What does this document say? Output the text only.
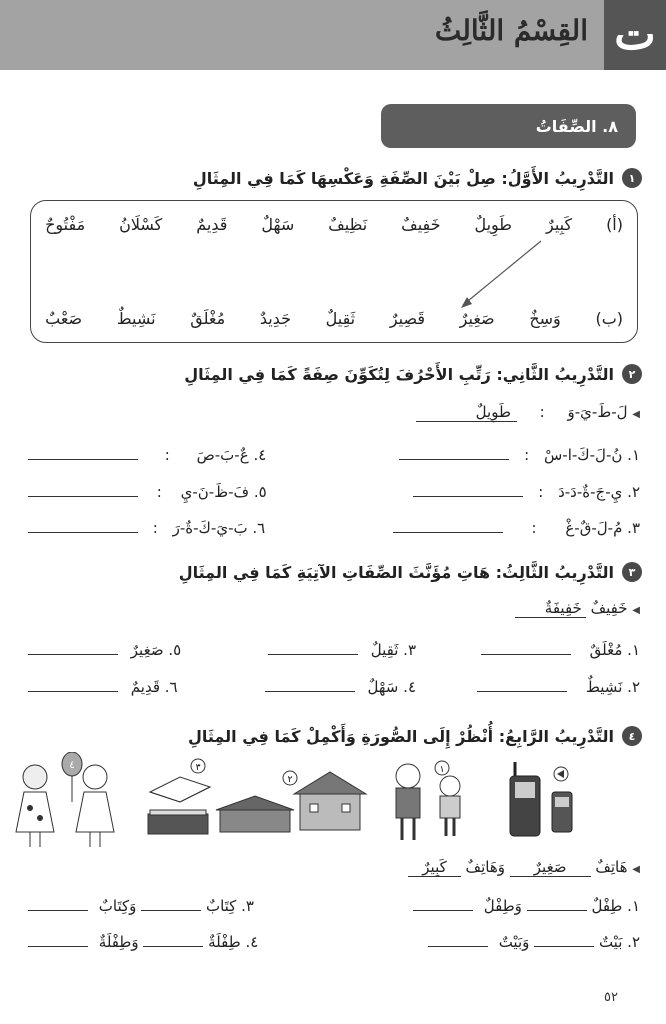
ت
القِسْمُ الثَّالِثُ
٨. الصِّفَاتُ
١
التَّدْرِيبُ الأَوَّلُ: صِلْ بَيْنَ الصِّفَةِ وَعَكْسِهَا كَمَا فِي المِثَالِ
(أ)
كَبِيرٌ
طَوِيلٌ
خَفِيفٌ
نَظِيفٌ
سَهْلٌ
قَدِيمٌ
كَسْلَانُ
مَفْتُوحٌ
(ب)
وَسِخٌ
صَغِيرٌ
قَصِيرٌ
ثَقِيلٌ
جَدِيدٌ
مُغْلَقٌ
نَشِيطٌ
صَعْبٌ
٢
التَّدْرِيبُ الثَّانِي: رَتِّبِ الأَحْرُفَ لِتُكَوِّنَ صِفَةً كَمَا فِي المِثَالِ
◀ لَ-طَ-يَ-وَ : طَوِيلٌ
١. نُ-لَ-كَ-ا-سْ :
٢. يِ-جَ-ةٌ-دَ-دَ :
٣. مُ-لَ-قٌ-غْ :
٤. عٌ-بَ-صَ :
٥. فَ-ظَ-نَ-يِ :
٦. بَ-يَ-كَ-ةٌ-رَ :
٣
التَّدْرِيبُ الثَّالِثُ: هَاتِ مُؤَنَّثَ الصِّفَاتِ الآتِيَةِ كَمَا فِي المِثَالِ
◀ خَفِيفٌ خَفِيفَةٌ
١. مُغْلَقٌ
٢. نَشِيطٌ
٣. ثَقِيلٌ
٤. سَهْلٌ
٥. صَغِيرٌ
٦. قَدِيمٌ
٤
التَّدْرِيبُ الرَّابِعُ: أُنْظُرْ إِلَى الصُّورَةِ وَأَكْمِلْ كَمَا فِي المِثَالِ
٤	٣
٢
١
◀ هَاتِفٌ صَغِيرٌ وَهَاتِفٌ كَبِيرٌ
١. طِفْلٌ  وَطِفْلٌ
٢. بَيْتٌ  وَبَيْتٌ
٣. كِتَابٌ  وَكِتَابٌ
٤. طِفْلَةٌ  وَطِفْلَةٌ
٥٢
